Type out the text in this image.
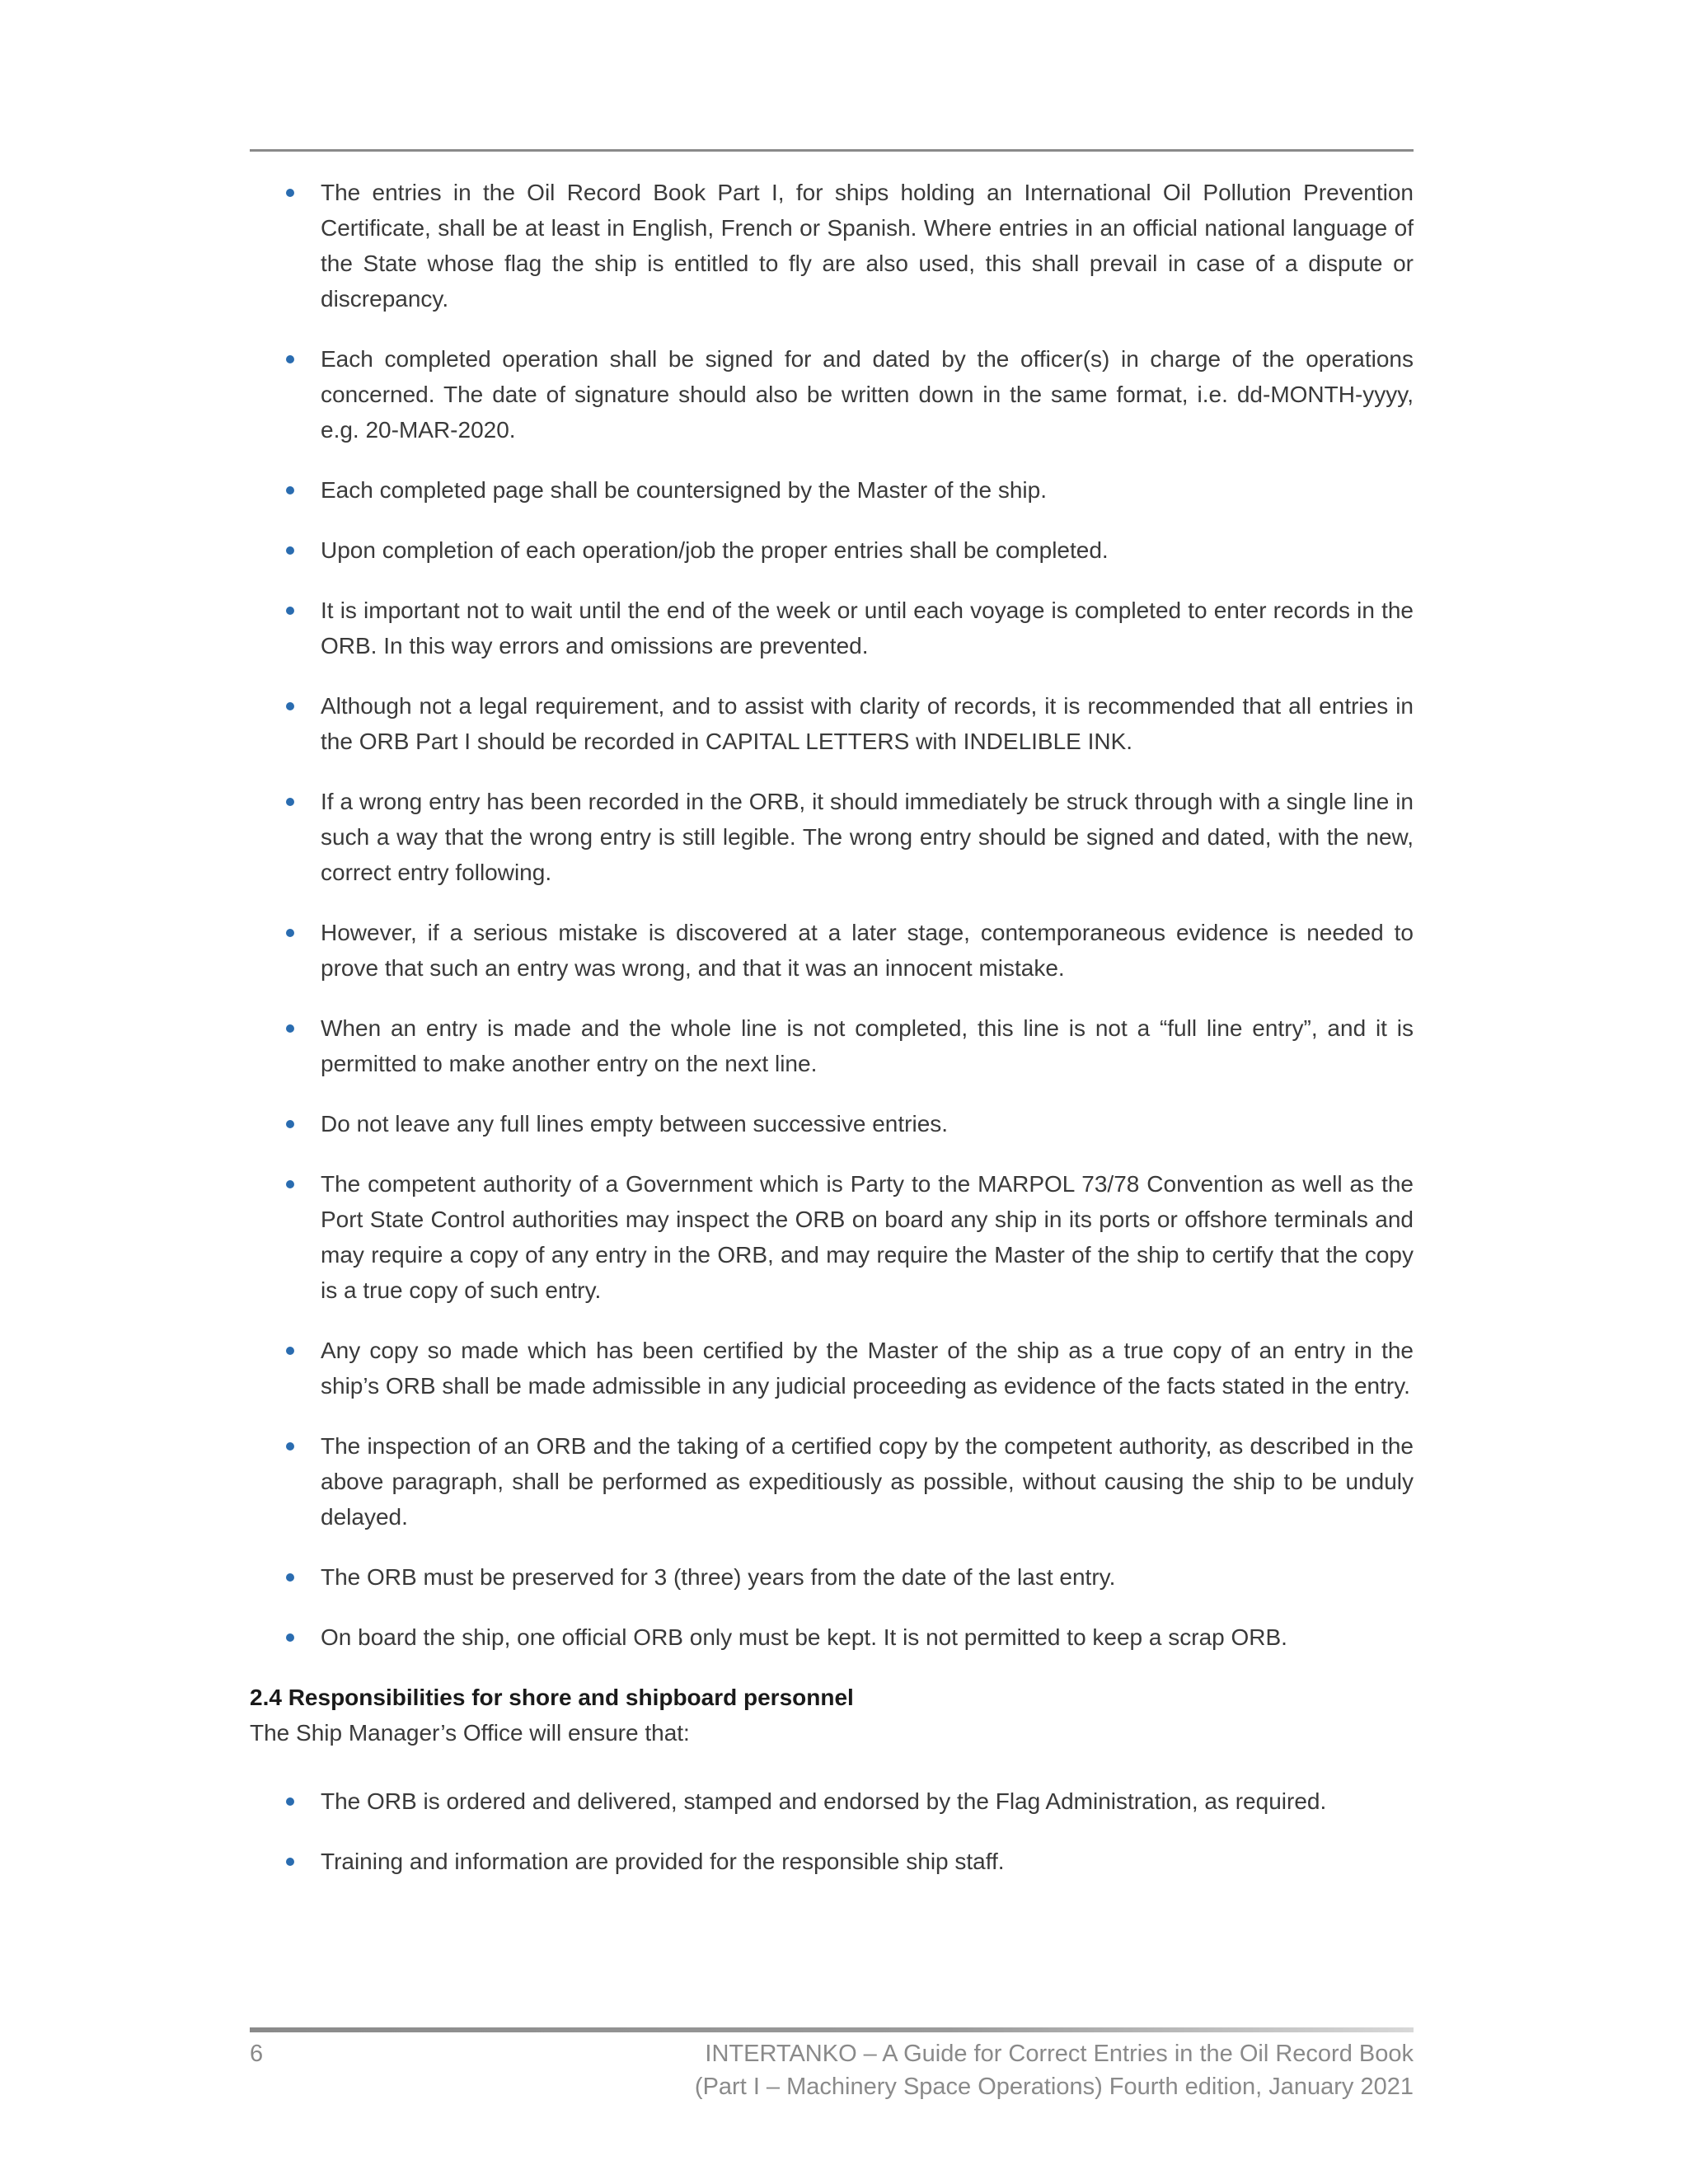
The entries in the Oil Record Book Part I, for ships holding an International Oil Pollution Prevention Certificate, shall be at least in English, French or Spanish. Where entries in an official national language of the State whose flag the ship is entitled to fly are also used, this shall prevail in case of a dispute or discrepancy.
Each completed operation shall be signed for and dated by the officer(s) in charge of the operations concerned. The date of signature should also be written down in the same format, i.e. dd-MONTH-yyyy, e.g. 20-MAR-2020.
Each completed page shall be countersigned by the Master of the ship.
Upon completion of each operation/job the proper entries shall be completed.
It is important not to wait until the end of the week or until each voyage is completed to enter records in the ORB. In this way errors and omissions are prevented.
Although not a legal requirement, and to assist with clarity of records, it is recommended that all entries in the ORB Part I should be recorded in CAPITAL LETTERS with INDELIBLE INK.
If a wrong entry has been recorded in the ORB, it should immediately be struck through with a single line in such a way that the wrong entry is still legible. The wrong entry should be signed and dated, with the new, correct entry following.
However, if a serious mistake is discovered at a later stage, contemporaneous evidence is needed to prove that such an entry was wrong, and that it was an innocent mistake.
When an entry is made and the whole line is not completed, this line is not a “full line entry”, and it is permitted to make another entry on the next line.
Do not leave any full lines empty between successive entries.
The competent authority of a Government which is Party to the MARPOL 73/78 Convention as well as the Port State Control authorities may inspect the ORB on board any ship in its ports or offshore terminals and may require a copy of any entry in the ORB, and may require the Master of the ship to certify that the copy is a true copy of such entry.
Any copy so made which has been certified by the Master of the ship as a true copy of an entry in the ship’s ORB shall be made admissible in any judicial proceeding as evidence of the facts stated in the entry.
The inspection of an ORB and the taking of a certified copy by the competent authority, as described in the above paragraph, shall be performed as expeditiously as possible, without causing the ship to be unduly delayed.
The ORB must be preserved for 3 (three) years from the date of the last entry.
On board the ship, one official ORB only must be kept. It is not permitted to keep a scrap ORB.
2.4 Responsibilities for shore and shipboard personnel
The Ship Manager’s Office will ensure that:
The ORB is ordered and delivered, stamped and endorsed by the Flag Administration, as required.
Training and information are provided for the responsible ship staff.
6	INTERTANKO – A Guide for Correct Entries in the Oil Record Book
(Part I – Machinery Space Operations) Fourth edition, January 2021
